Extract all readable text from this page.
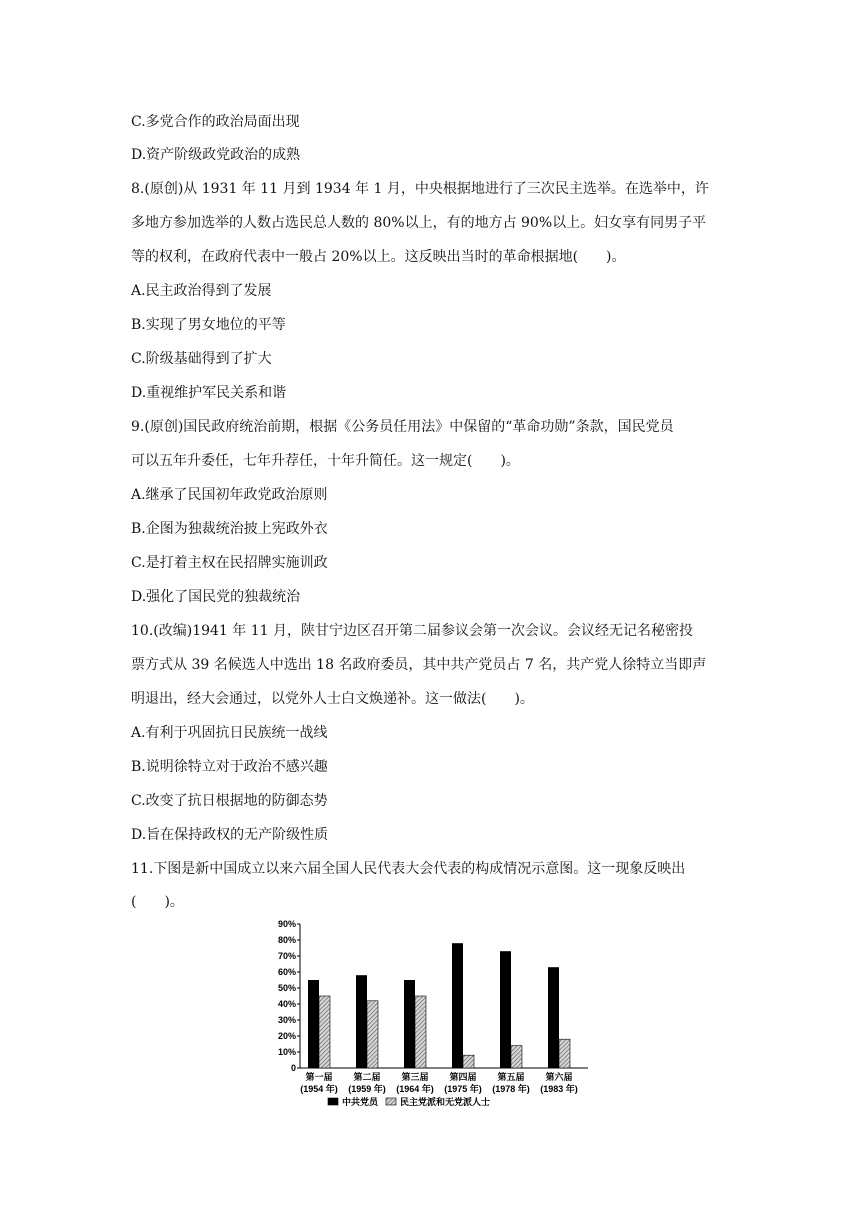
C.多党合作的政治局面出现
D.资产阶级政党政治的成熟
8.(原创)从 1931 年 11 月到 1934 年 1 月，中央根据地进行了三次民主选举。在选举中，许
多地方参加选举的人数占选民总人数的 80%以上，有的地方占 90%以上。妇女享有同男子平
等的权利，在政府代表中一般占 20%以上。这反映出当时的革命根据地(　　)。
A.民主政治得到了发展
B.实现了男女地位的平等
C.阶级基础得到了扩大
D.重视维护军民关系和谐
9.(原创)国民政府统治前期，根据《公务员任用法》中保留的“革命功勋”条款，国民党员
可以五年升委任，七年升荐任，十年升简任。这一规定(　　)。
A.继承了民国初年政党政治原则
B.企图为独裁统治披上宪政外衣
C.是打着主权在民招牌实施训政
D.强化了国民党的独裁统治
10.(改编)1941 年 11 月，陕甘宁边区召开第二届参议会第一次会议。会议经无记名秘密投
票方式从 39 名候选人中选出 18 名政府委员，其中共产党员占 7 名，共产党人徐特立当即声
明退出，经大会通过，以党外人士白文焕递补。这一做法(　　)。
A.有利于巩固抗日民族统一战线
B.说明徐特立对于政治不感兴趣
C.改变了抗日根据地的防御态势
D.旨在保持政权的无产阶级性质
11.下图是新中国成立以来六届全国人民代表大会代表的构成情况示意图。这一现象反映出
(　　)。
0
10%
20%
30%
40%
50%
60%
70%
80%
90%
第一届
(1954 年)
第二届
(1959 年)
第三届
(1964 年)
第四届
(1975 年)
第五届
(1978 年)
第六届
(1983 年)
中共党员 民主党派和无党派人士
